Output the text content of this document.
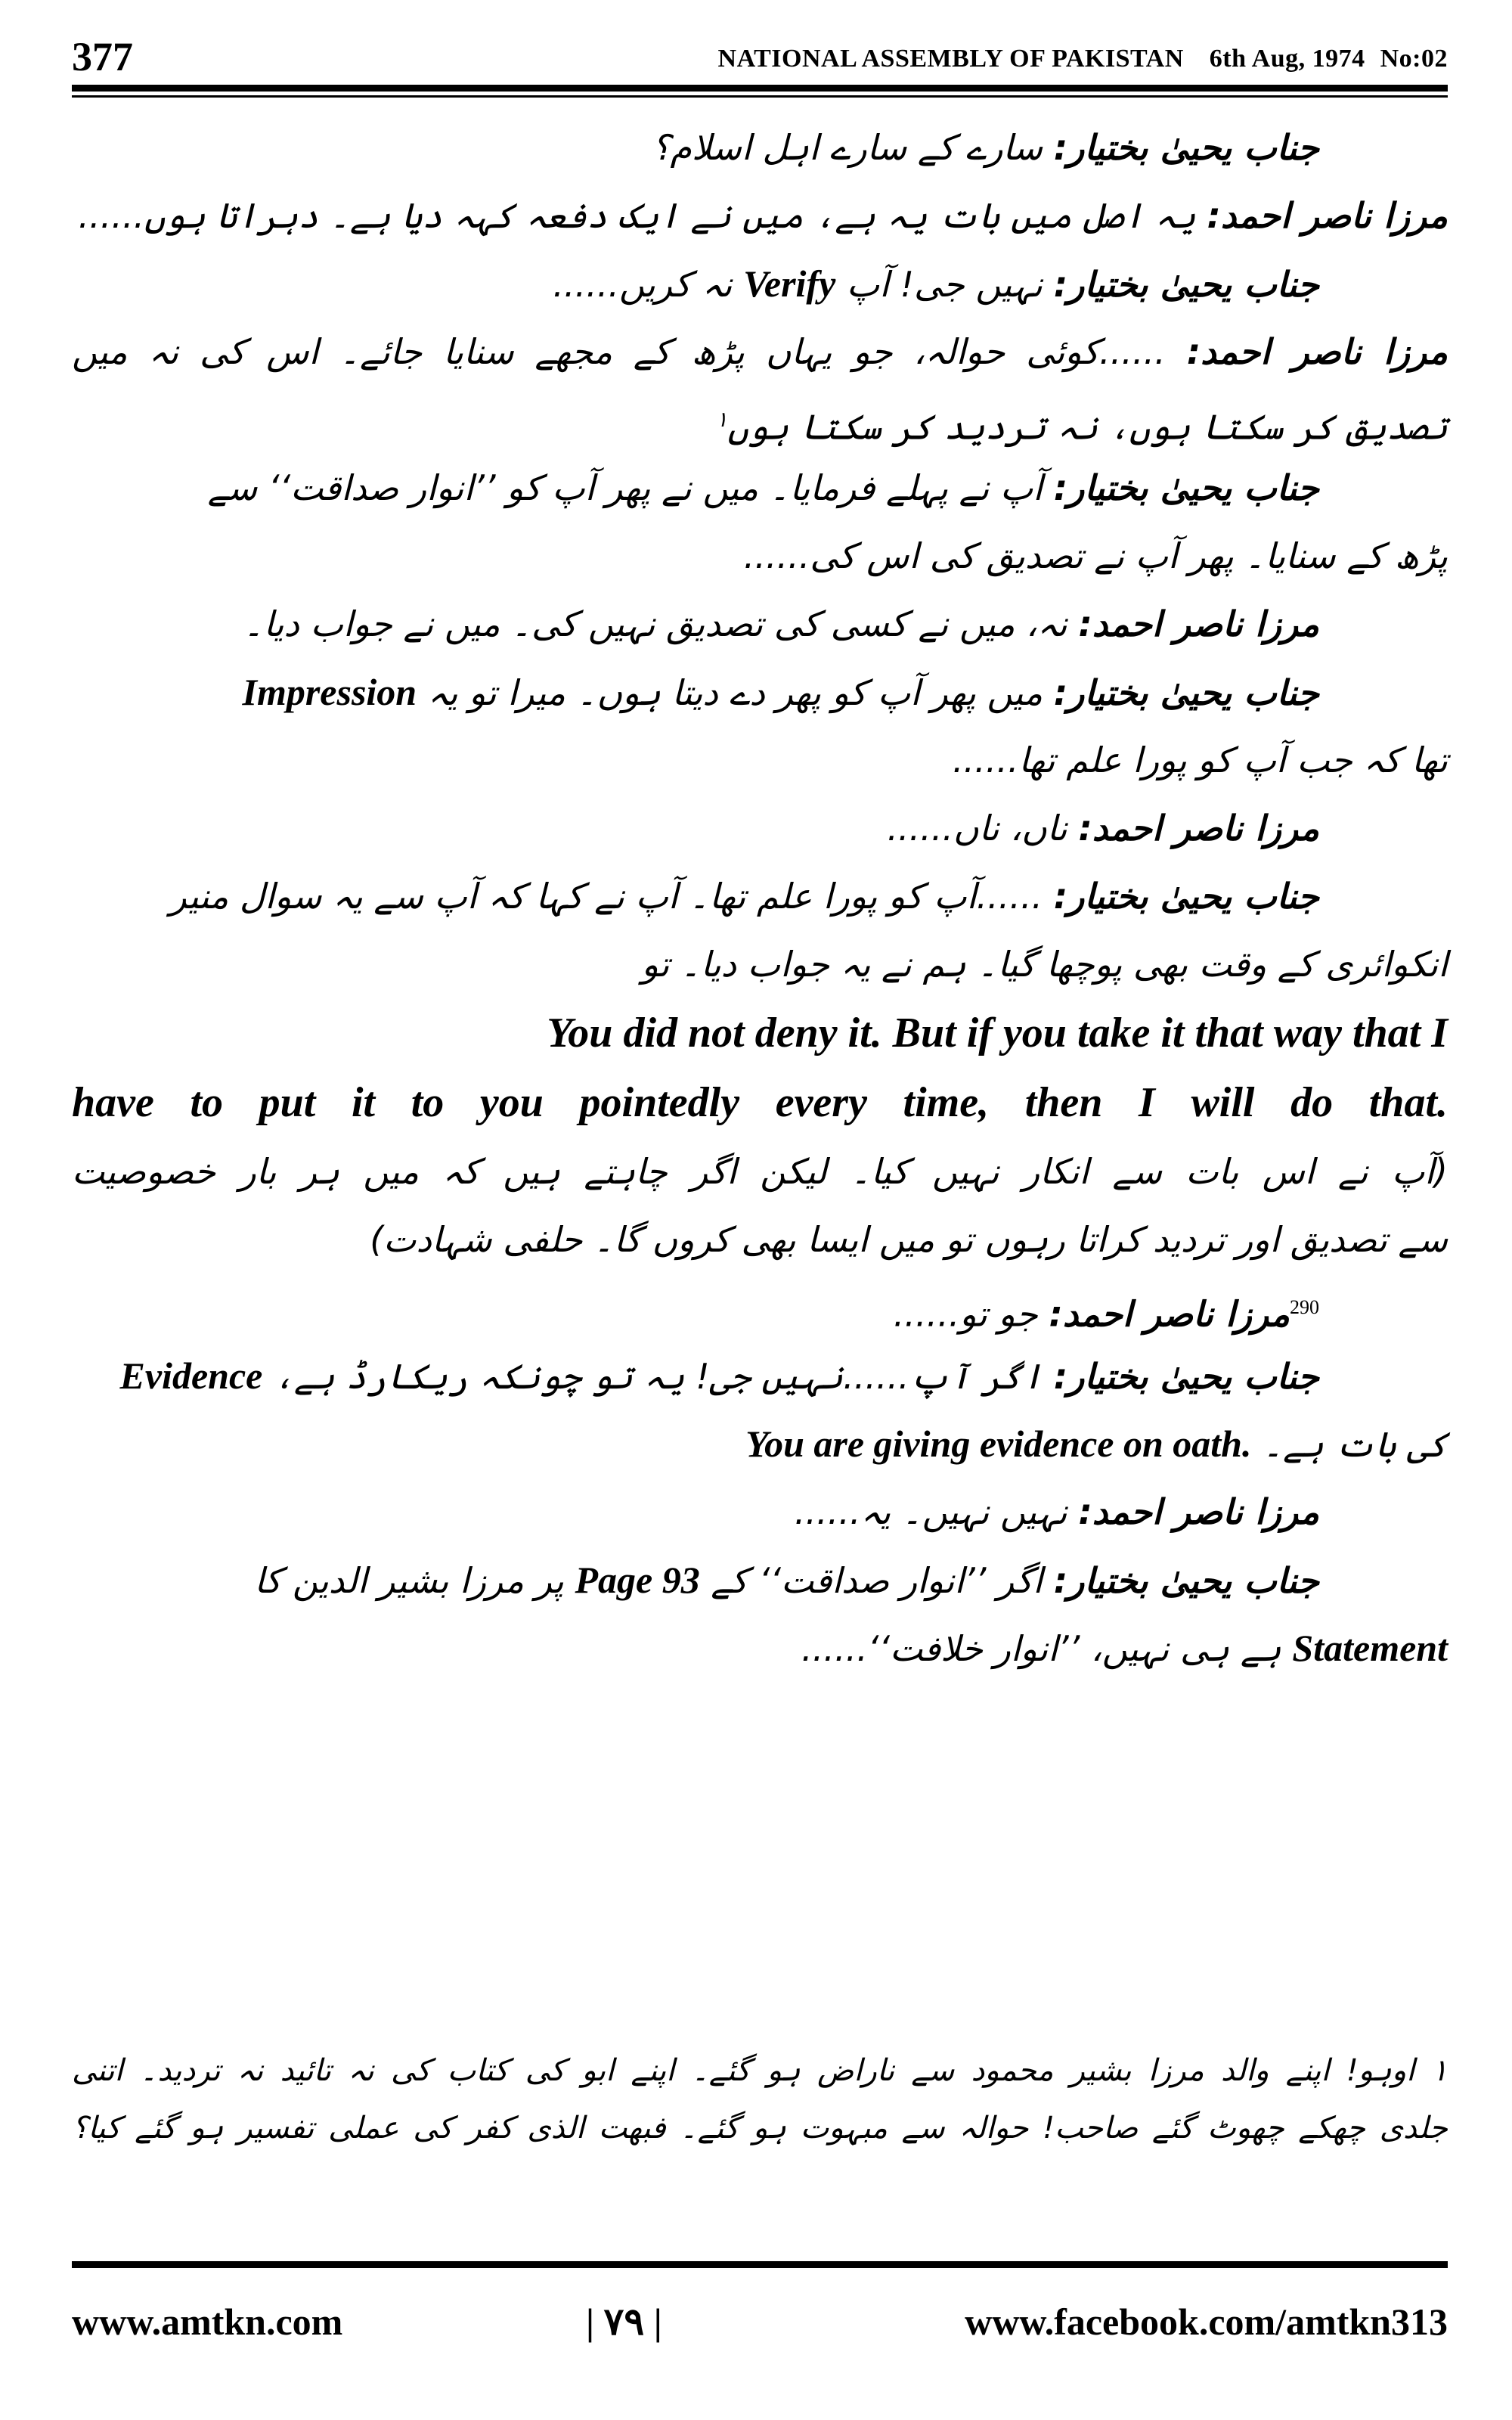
377	NATIONAL ASSEMBLY OF PAKISTAN 6th Aug, 1974 No:02
جناب یحییٰ بختیار: سارے کے سارے اہل اسلام؟
مرزا ناصر احمد: یہ اصل میں بات یہ ہے، میں نے ایک دفعہ کہہ دیا ہے۔ دہراتا ہوں......
جناب یحییٰ بختیار: نہیں جی! آپ Verify نہ کریں......
مرزا ناصر احمد: ......کوئی حوالہ، جو یہاں پڑھ کے مجھے سنایا جائے۔ اس کی نہ میں
تصدیق کر سکتا ہوں، نہ تردید کر سکتا ہوں$^۱$
جناب یحییٰ بختیار: آپ نے پہلے فرمایا۔ میں نے پھر آپ کو ’’انوار صداقت‘‘ سے
پڑھ کے سنایا۔ پھر آپ نے تصدیق کی اس کی......
مرزا ناصر احمد: نہ، میں نے کسی کی تصدیق نہیں کی۔ میں نے جواب دیا۔
جناب یحییٰ بختیار: میں پھر آپ کو پھر دے دیتا ہوں۔ میرا تو یہ Impression
تھا کہ جب آپ کو پورا علم تھا......
مرزا ناصر احمد: ناں، ناں......
جناب یحییٰ بختیار: ......آپ کو پورا علم تھا۔ آپ نے کہا کہ آپ سے یہ سوال منیر
انکوائری کے وقت بھی پوچھا گیا۔ ہم نے یہ جواب دیا۔ تو
You did not deny it. But if you take it that way that I
have to put it to you pointedly every time, then I will do that.
(آپ نے اس بات سے انکار نہیں کیا۔ لیکن اگر چاہتے ہیں کہ میں ہر بار خصوصیت
سے تصدیق اور تردید کراتا رہوں تو میں ایسا بھی کروں گا۔ حلفی شہادت)
$^{290}$مرزا ناصر احمد: جو تو......
جناب یحییٰ بختیار: اگر آپ......نہیں جی! یہ تو چونکہ ریکارڈ ہے، Evidence
کی بات ہے۔ You are giving evidence on oath.
مرزا ناصر احمد: نہیں نہیں۔ یہ......
جناب یحییٰ بختیار: اگر ’’انوار صداقت‘‘ کے Page 93 پر مرزا بشیر الدین کا
Statement ہے ہی نہیں، ’’انوار خلافت‘‘......
۱ اوہو! اپنے والد مرزا بشیر محمود سے ناراض ہو گئے۔ اپنے ابو کی کتاب کی نہ تائید نہ تردید۔ اتنی
جلدی چھکے چھوٹ گئے صاحب! حوالہ سے مبہوت ہو گئے۔ فبهت الذی کفر کی عملی تفسیر ہو گئے کیا؟
www.amtkn.com	| ۷۹ |	www.facebook.com/amtkn313
